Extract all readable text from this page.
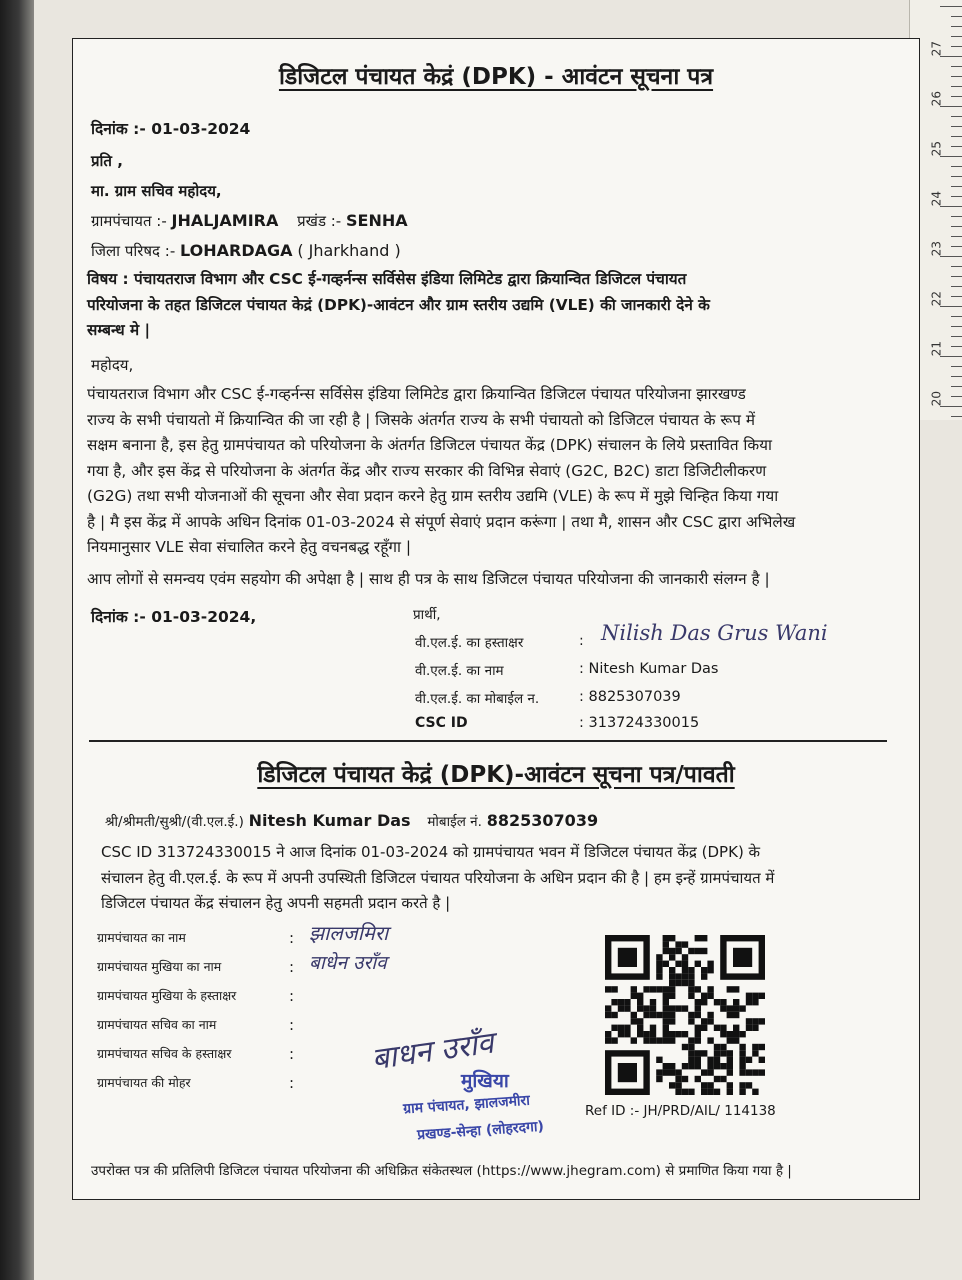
27
26
25
24
23
22
21
20
डिजिटल पंचायत केद्रं (DPK) - आवंटन सूचना पत्र
दिनांक :- 01-03-2024
प्रति ,
मा. ग्राम सचिव महोदय,
ग्रामपंचायत :- JHALJAMIRA प्रखंड :- SENHA
जिला परिषद :- LOHARDAGA ( Jharkhand )
विषय : पंचायतराज विभाग और CSC ई-गव्हर्नन्स सर्विसेस इंडिया लिमिटेड द्वारा क्रियान्वित डिजिटल पंचायत
परियोजना के तहत डिजिटल पंचायत केद्रं (DPK)-आवंटन और ग्राम स्तरीय उद्यमि (VLE) की जानकारी देने के
सम्बन्ध मे |
महोदय,
पंचायतराज विभाग और CSC ई-गव्हर्नन्स सर्विसेस इंडिया लिमिटेड द्वारा क्रियान्वित डिजिटल पंचायत परियोजना झारखण्ड
राज्य के सभी पंचायतो में क्रियान्वित की जा रही है | जिसके अंतर्गत राज्य के सभी पंचायतो को डिजिटल पंचायत के रूप में
सक्षम बनाना है, इस हेतु ग्रामपंचायत को परियोजना के अंतर्गत डिजिटल पंचायत केंद्र (DPK) संचालन के लिये प्रस्तावित किया
गया है, और इस केंद्र से परियोजना के अंतर्गत केंद्र और राज्य सरकार की विभिन्न सेवाएं (G2C, B2C) डाटा डिजिटीलीकरण
(G2G) तथा सभी योजनाओं की सूचना और सेवा प्रदान करने हेतु ग्राम स्तरीय उद्यमि (VLE) के रूप में मुझे चिन्हित किया गया
है | मै इस केंद्र में आपके अधिन दिनांक 01-03-2024 से संपूर्ण सेवाएं प्रदान करूंगा | तथा मै, शासन और CSC द्वारा अभिलेख
नियमानुसार VLE सेवा संचालित करने हेतु वचनबद्ध रहूँगा |
आप लोगों से समन्वय एवंम सहयोग की अपेक्षा है | साथ ही पत्र के साथ डिजिटल पंचायत परियोजना की जानकारी संलग्न है |
दिनांक :- 01-03-2024,	प्रार्थी,
वी.एल.ई. का हस्ताक्षर	: Nilish Das Grus Wani
वी.एल.ई. का नाम	: Nitesh Kumar Das
वी.एल.ई. का मोबाईल न.	: 8825307039
CSC ID	: 313724330015
डिजिटल पंचायत केद्रं (DPK)-आवंटन सूचना पत्र/पावती
श्री/श्रीमती/सुश्री/(वी.एल.ई.) Nitesh Kumar Das मोबाईल नं. 8825307039
CSC ID 313724330015 ने आज दिनांक 01-03-2024 को ग्रामपंचायत भवन में डिजिटल पंचायत केंद्र (DPK) के
संचालन हेतु वी.एल.ई. के रूप में अपनी उपस्थिती डिजिटल पंचायत परियोजना के अधिन प्रदान की है | हम इन्हें ग्रामपंचायत में
डिजिटल पंचायत केंद्र संचालन हेतु अपनी सहमती प्रदान करते है |
ग्रामपंचायत का नाम	: झालजमिरा
ग्रामपंचायत मुखिया का नाम	: बाधेन उराँव
ग्रामपंचायत मुखिया के हस्ताक्षर	:
ग्रामपंचायत सचिव का नाम	:
ग्रामपंचायत सचिव के हस्ताक्षर	:
ग्रामपंचायत की मोहर	:
बाधन उराँव
मुखिया
ग्राम पंचायत, झालजमीरा
प्रखण्ड-सेन्हा (लोहरदगा)
Ref ID :- JH/PRD/AIL/ 114138
उपरोक्त पत्र की प्रतिलिपी डिजिटल पंचायत परियोजना की अधिक्रित संकेतस्थल (https://www.jhegram.com) से प्रमाणित किया गया है |
